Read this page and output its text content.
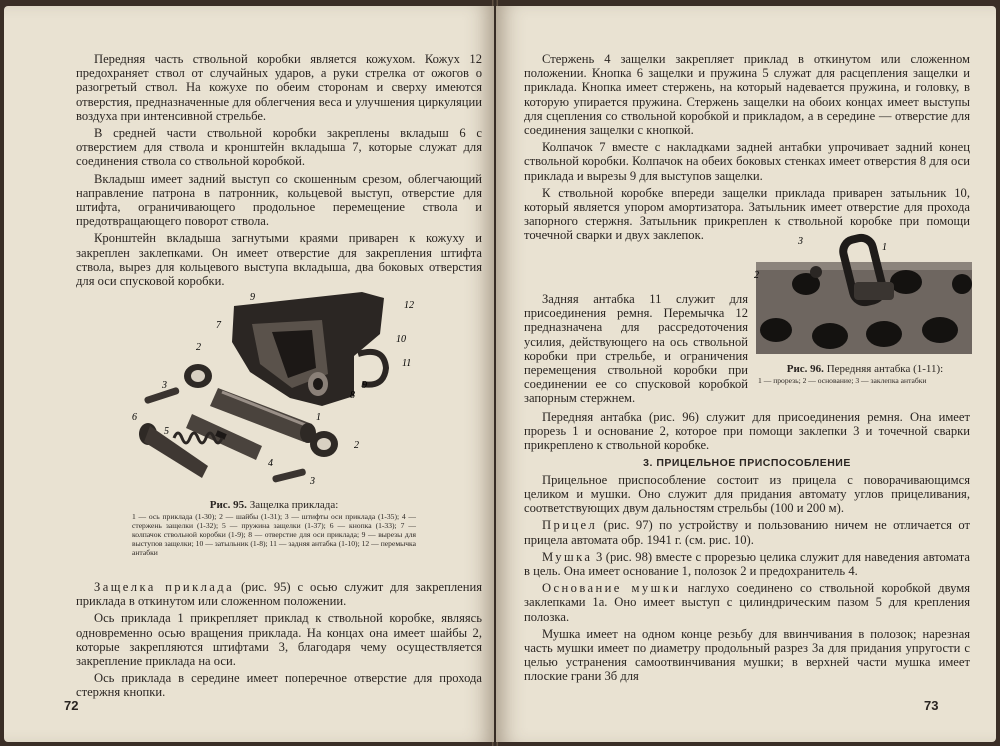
Передняя часть ствольной коробки является кожухом. Кожух 12 предохраняет ствол от случайных ударов, а руки стрелка от ожогов о разогретый ствол. На кожухе по обеим сторонам и сверху имеются отверстия, предназначенные для облегчения веса и улучшения циркуляции воздуха при интенсивной стрельбе.

В средней части ствольной коробки закреплены вкладыш 6 с отверстием для ствола и кронштейн вкладыша 7, которые служат для соединения ствола со ствольной коробкой.

Вкладыш имеет задний выступ со скошенным срезом, облегчающий направление патрона в патронник, кольцевой выступ, отверстие для штифта, ограничивающего продольное перемещение ствола и предотвращающего поворот ствола.

Кронштейн вкладыша загнутыми краями приварен к кожуху и закреплен заклепками. Он имеет отверстие для закрепления штифта ствола, вырез для кольцевого выступа вкладыша, два боковых отверстия для оси спусковой коробки.

9
12
7
10
11
9
8
2
3
1
6
5
2
4
3
Рис. 95. Защелка приклада:
1 — ось приклада (1-30); 2 — шайбы (1-31); 3 — штифты оси приклада (1-35); 4 — стержень защелки (1-32); 5 — пружина защелки (1-37); 6 — кнопка (1-33); 7 — колпачок ствольной коробки (1-9); 8 — отверстие для оси приклада; 9 — вырезы для выступов защелки; 10 — затыльник (1-8); 11 — задняя антабка (1-10); 12 — перемычка антабки

Защелка приклада (рис. 95) с осью служит для закрепления приклада в откинутом или сложенном положении.

Ось приклада 1 прикрепляет приклад к ствольной коробке, являясь одновременно осью вращения приклада. На концах она имеет шайбы 2, которые закрепляются штифтами 3, благодаря чему осуществляется закрепление приклада на оси.

Ось приклада в середине имеет поперечное отверстие для прохода стержня кнопки.

72

Стержень 4 защелки закрепляет приклад в откинутом или сложенном положении. Кнопка 6 защелки и пружина 5 служат для расцепления защелки и приклада. Кнопка имеет стержень, на который надевается пружина, и головку, в которую упирается пружина. Стержень защелки на обоих концах имеет выступы для сцепления со ствольной коробкой и прикладом, а в середине — отверстие для соединения защелки с кнопкой.

Колпачок 7 вместе с накладками задней антабки упрочивает задний конец ствольной коробки. Колпачок на обеих боковых стенках имеет отверстия 8 для оси приклада и вырезы 9 для выступов защелки.

К ствольной коробке впереди защелки приклада приварен затыльник 10, который является упором амортизатора. Затыльник имеет отверстие для прохода запорного стержня. Затыльник прикреплен к ствольной коробке при помощи точечной сварки и двух заклепок.

Задняя антабка 11 служит для присоединения ремня. Перемычка 12 предназначена для рассредоточения усилия, действующего на ось ствольной коробки при стрельбе, и ограничения перемещения ствольной коробки при соединении ее со спусковой коробкой запорным стержнем.

3
1
2
Рис. 96. Передняя антабка (1-11):
1 — прорезь; 2 — основание; 3 — заклепка антабки

Передняя антабка (рис. 96) служит для присоединения ремня. Она имеет прорезь 1 и основание 2, которое при помощи заклепки 3 и точечной сварки прикреплено к ствольной коробке.

3. ПРИЦЕЛЬНОЕ ПРИСПОСОБЛЕНИЕ

Прицельное приспособление состоит из прицела с поворачивающимся целиком и мушки. Оно служит для придания автомату углов прицеливания, соответствующих двум дальностям стрельбы (100 и 200 м).

Прицел (рис. 97) по устройству и пользованию ничем не отличается от прицела автомата обр. 1941 г. (см. рис. 10).

Мушка 3 (рис. 98) вместе с прорезью целика служит для наведения автомата в цель. Она имеет основание 1, полозок 2 и предохранитель 4.

Основание мушки наглухо соединено со ствольной коробкой двумя заклепками 1а. Оно имеет выступ с цилиндрическим пазом 5 для крепления полозка.

Мушка имеет на одном конце резьбу для ввинчивания в полозок; нарезная часть мушки имеет по диаметру продольный разрез 3а для придания упругости с целью устранения самоотвинчивания мушки; в верхней части мушка имеет плоские грани 3б для

73
